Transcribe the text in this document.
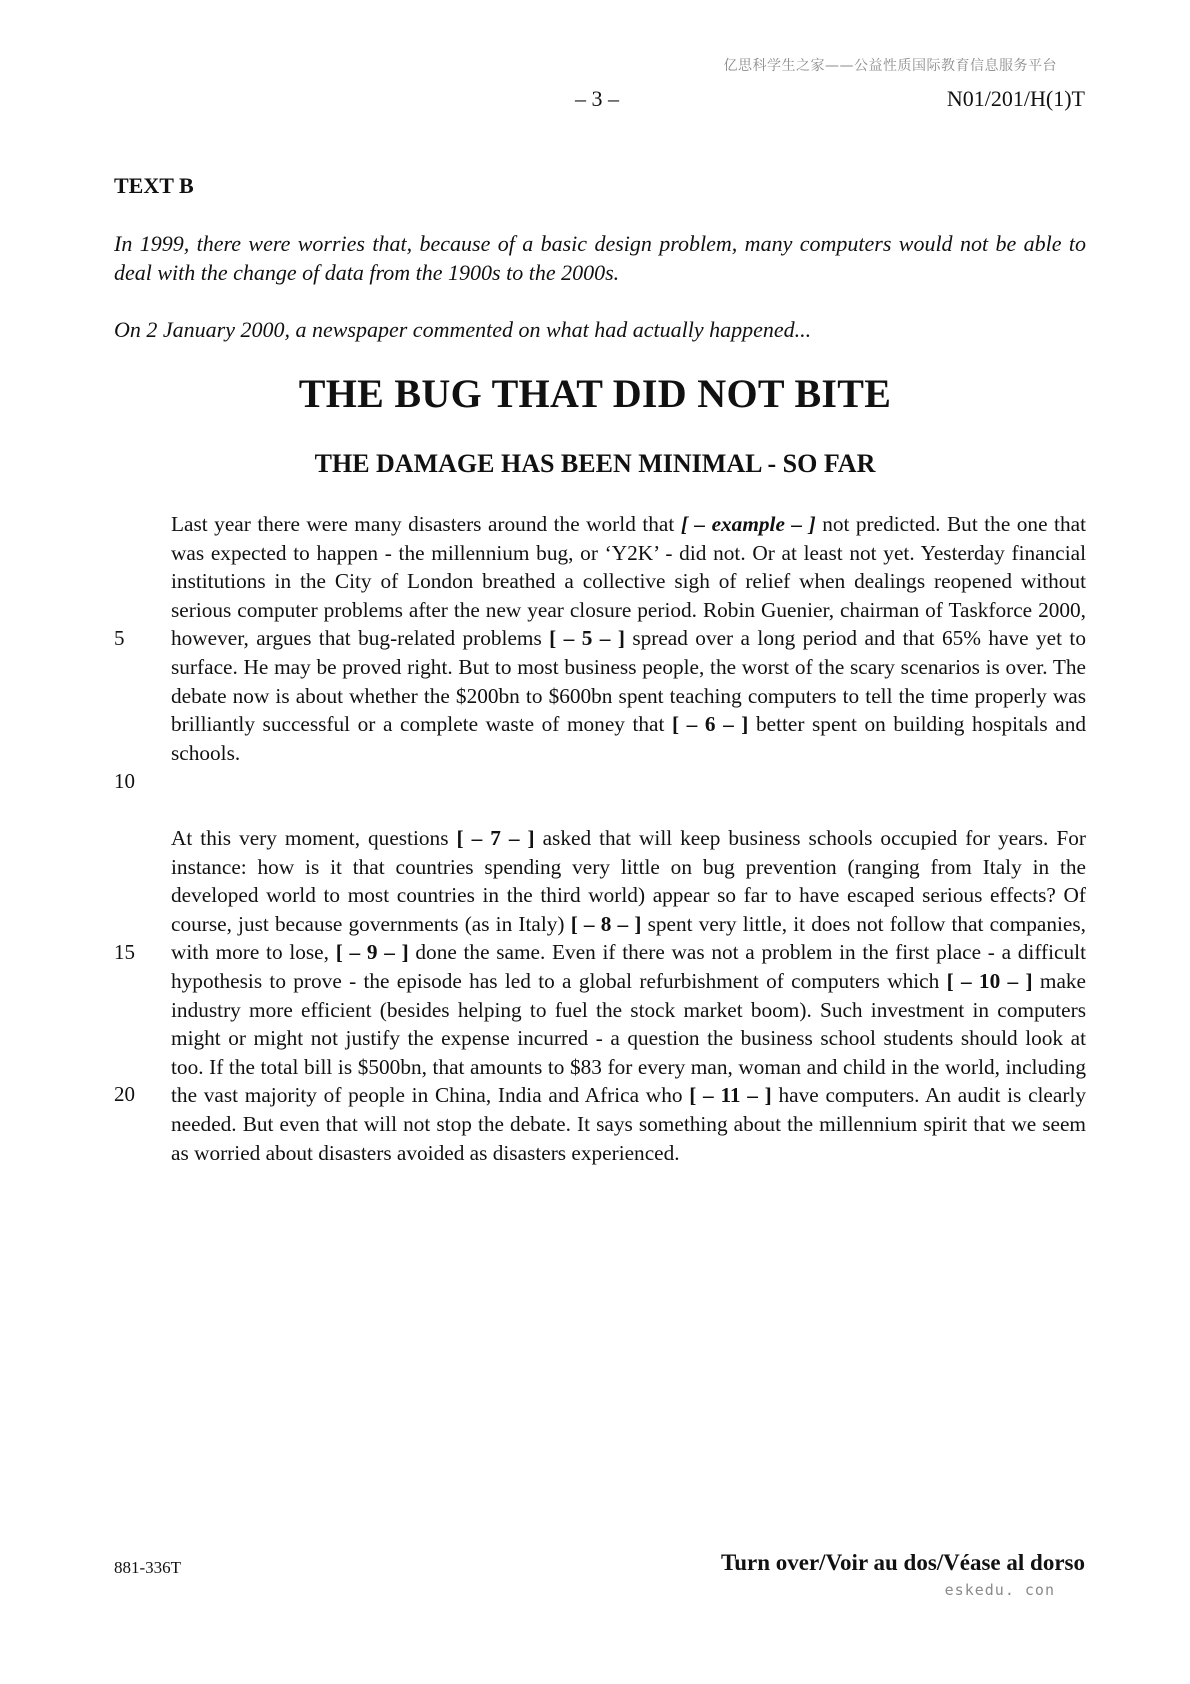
亿思科学生之家——公益性质国际教育信息服务平台
– 3 –	N01/201/H(1)T
TEXT B
In 1999, there were worries that, because of a basic design problem, many computers would not be able to deal with the change of data from the 1900s to the 2000s.
On 2 January 2000, a newspaper commented on what had actually happened...
THE BUG THAT DID NOT BITE
THE DAMAGE HAS BEEN MINIMAL - SO FAR
Last year there were many disasters around the world that [ – example – ] not predicted. But the one that was expected to happen - the millennium bug, or ‘Y2K’ - did not. Or at least not yet. Yesterday financial institutions in the City of London breathed a collective sigh of relief when dealings reopened without serious computer problems after the new year closure period. Robin Guenier, chairman of Taskforce 2000, however, argues that bug-related problems [ – 5 – ] spread over a long period and that 65% have yet to surface. He may be proved right. But to most business people, the worst of the scary scenarios is over. The debate now is about whether the $200bn to $600bn spent teaching computers to tell the time properly was brilliantly successful or a complete waste of money that [ – 6 – ] better spent on building hospitals and schools.
At this very moment, questions [ – 7 – ] asked that will keep business schools occupied for years. For instance: how is it that countries spending very little on bug prevention (ranging from Italy in the developed world to most countries in the third world) appear so far to have escaped serious effects? Of course, just because governments (as in Italy) [ – 8 – ] spent very little, it does not follow that companies, with more to lose, [ – 9 – ] done the same. Even if there was not a problem in the first place - a difficult hypothesis to prove - the episode has led to a global refurbishment of computers which [ – 10 – ] make industry more efficient (besides helping to fuel the stock market boom). Such investment in computers might or might not justify the expense incurred - a question the business school students should look at too. If the total bill is $500bn, that amounts to $83 for every man, woman and child in the world, including the vast majority of people in China, India and Africa who [ – 11 – ] have computers. An audit is clearly needed. But even that will not stop the debate. It says something about the millennium spirit that we seem as worried about disasters avoided as disasters experienced.
5
10
15
20
881-336T	Turn over/Voir au dos/Véase al dorso
eskedu. con
